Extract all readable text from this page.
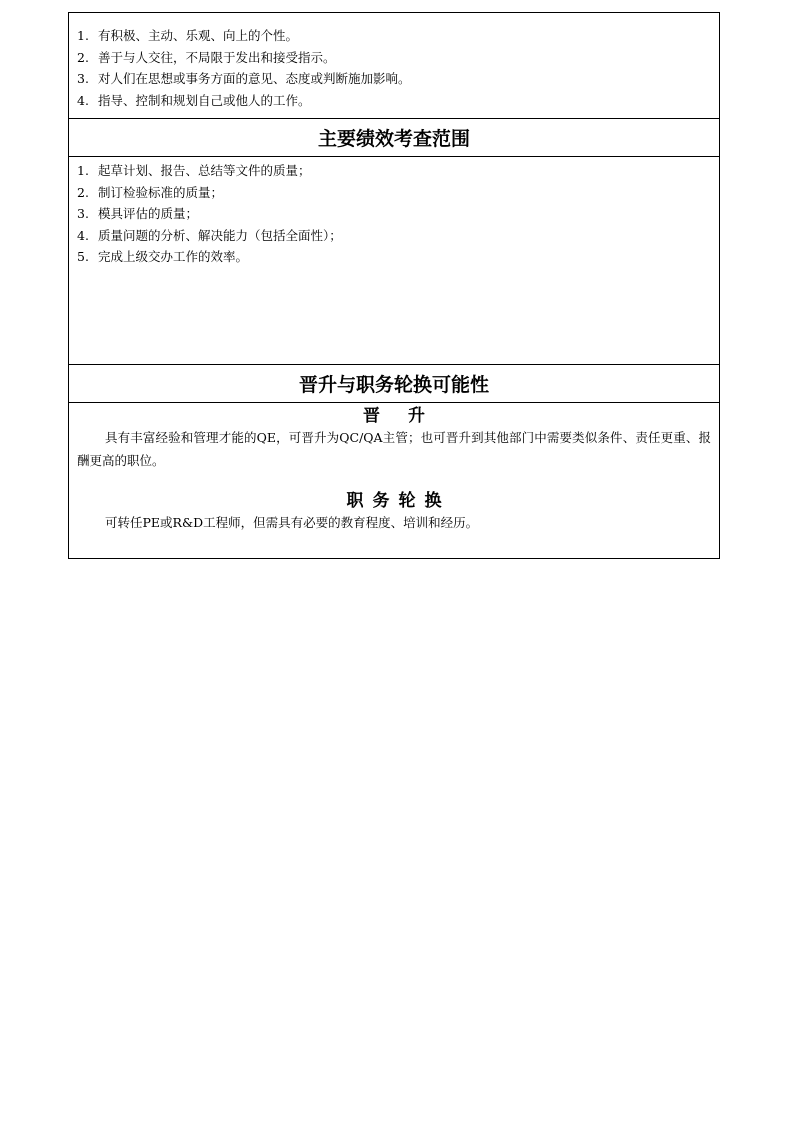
1. 有积极、主动、乐观、向上的个性。
2. 善于与人交往，不局限于发出和接受指示。
3. 对人们在思想或事务方面的意见、态度或判断施加影响。
4. 指导、控制和规划自己或他人的工作。
主要绩效考查范围
1. 起草计划、报告、总结等文件的质量；
2. 制订检验标准的质量；
3. 模具评估的质量；
4. 质量问题的分析、解决能力（包括全面性）；
5. 完成上级交办工作的效率。
晋升与职务轮换可能性
晋升
具有丰富经验和管理才能的QE，可晋升为QC/QA主管；也可晋升到其他部门中需要类似条件、责任更重、报酬更高的职位。
职务轮换
可转任PE或R&D工程师，但需具有必要的教育程度、培训和经历。
